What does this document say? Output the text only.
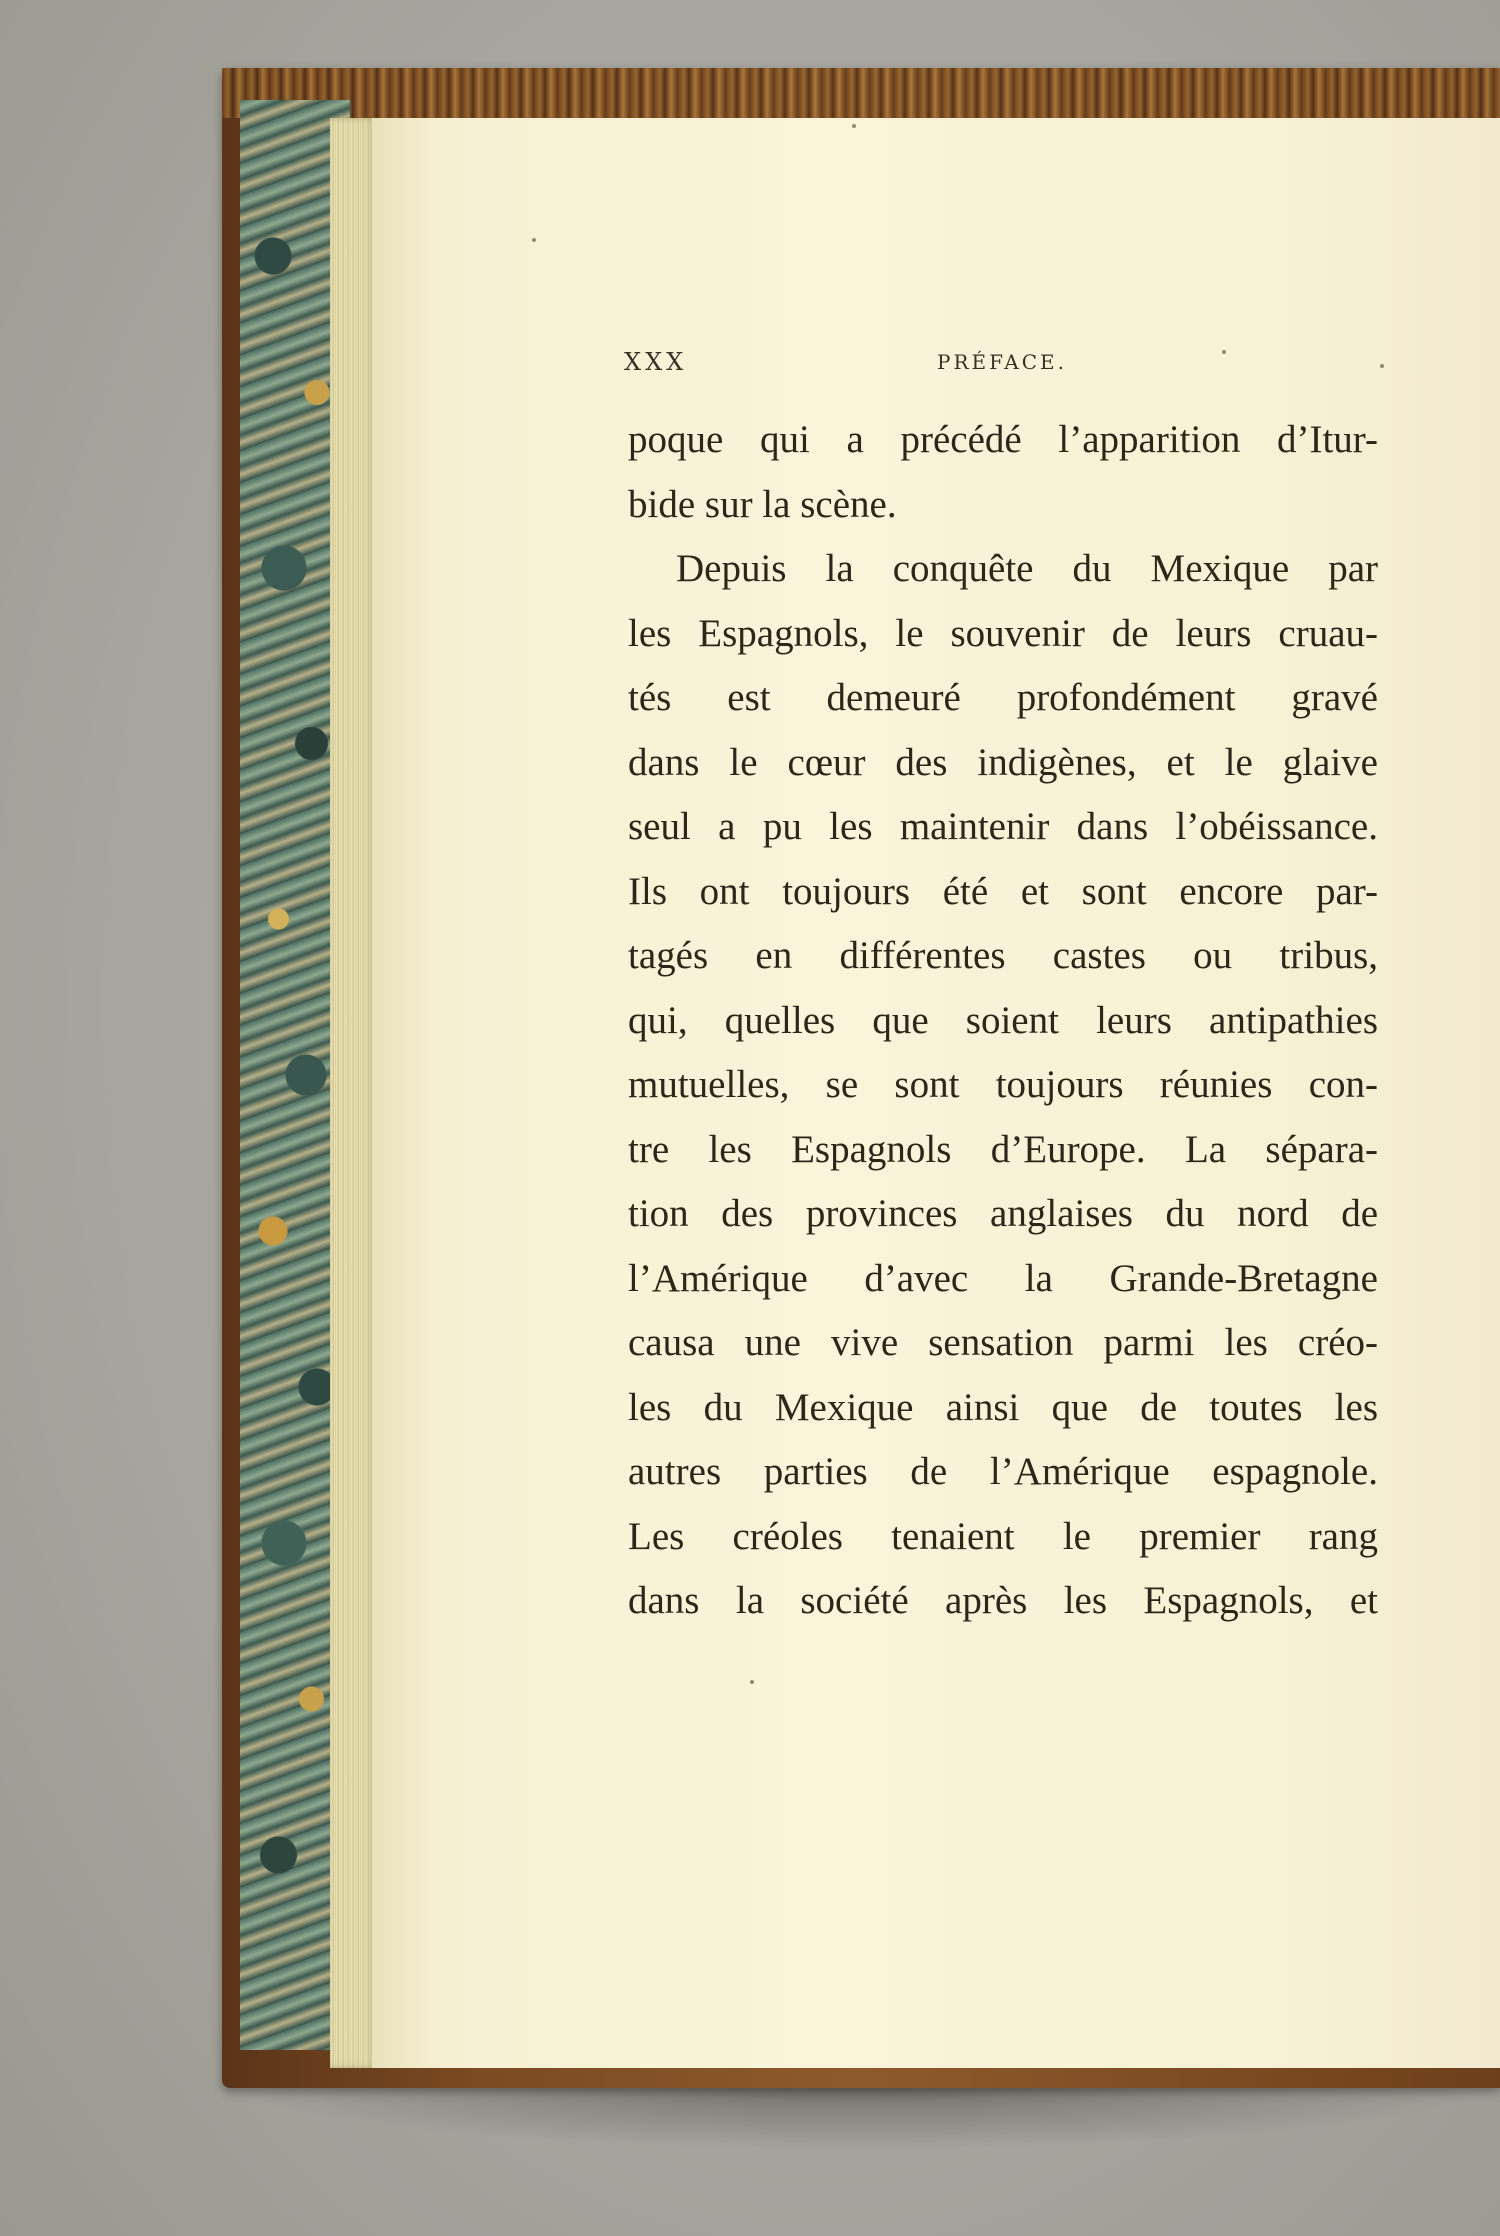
XXX	PRÉFACE.
poque qui a précédé l’apparition d’Itur-
bide sur la scène.
Depuis la conquête du Mexique par
les Espagnols, le souvenir de leurs cruau-
tés est demeuré profondément gravé
dans le cœur des indigènes, et le glaive
seul a pu les maintenir dans l’obéissance.
Ils ont toujours été et sont encore par-
tagés en différentes castes ou tribus,
qui, quelles que soient leurs antipathies
mutuelles, se sont toujours réunies con-
tre les Espagnols d’Europe. La sépara-
tion des provinces anglaises du nord de
l’Amérique d’avec la Grande-Bretagne
causa une vive sensation parmi les créo-
les du Mexique ainsi que de toutes les
autres parties de l’Amérique espagnole.
Les créoles tenaient le premier rang
dans la société après les Espagnols, et
